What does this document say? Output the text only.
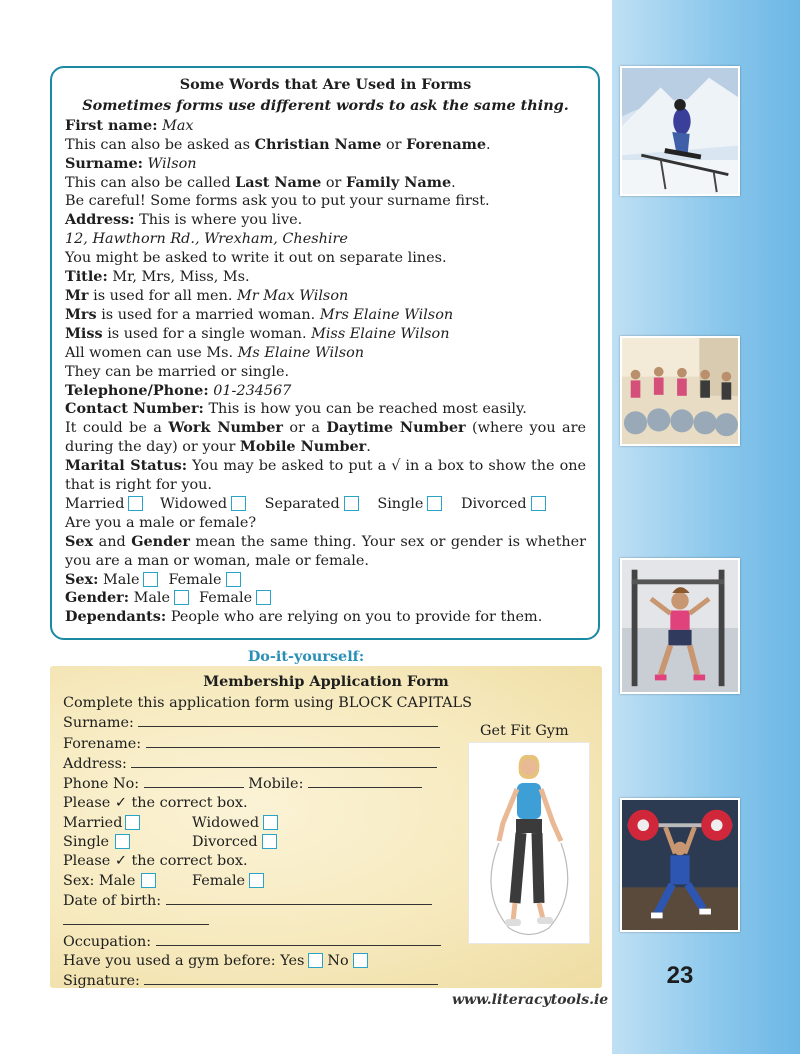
23
Some Words that Are Used in Forms
Sometimes forms use different words to ask the same thing.
First name: Max
This can also be asked as Christian Name or Forename.
Surname: Wilson
This can also be called Last Name or Family Name.
Be careful! Some forms ask you to put your surname first.
Address: This is where you live.
12, Hawthorn Rd., Wrexham, Cheshire
You might be asked to write it out on separate lines.
Title: Mr, Mrs, Miss, Ms.
Mr is used for all men. Mr Max Wilson
Mrs is used for a married woman. Mrs Elaine Wilson
Miss is used for a single woman. Miss Elaine Wilson
All women can use Ms. Ms Elaine Wilson
They can be married or single.
Telephone/Phone: 01-234567
Contact Number: This is how you can be reached most easily.
It could be a Work Number or a Daytime Number (where you are during the day) or your Mobile Number.
Marital Status: You may be asked to put a √ in a box to show the one that is right for you.
Married Widowed	Separated	Single	Divorced
Are you a male or female?
Sex and Gender mean the same thing. Your sex or gender is whether you are a man or woman, male or female.
Sex: Male Female
Gender: Male Female
Dependants: People who are relying on you to provide for them.
Do-it-yourself:
Membership Application Form
Complete this application form using BLOCK CAPITALS
Surname:
Forename:
Address:
Phone No:	Mobile:
Please ✓ the correct box.
Married	Widowed
Single	Divorced
Please ✓ the correct box.
Sex: Male	Female
Date of birth:
Occupation:
Have you used a gym before: Yes No
Signature:
Get Fit Gym
www.literacytools.ie
